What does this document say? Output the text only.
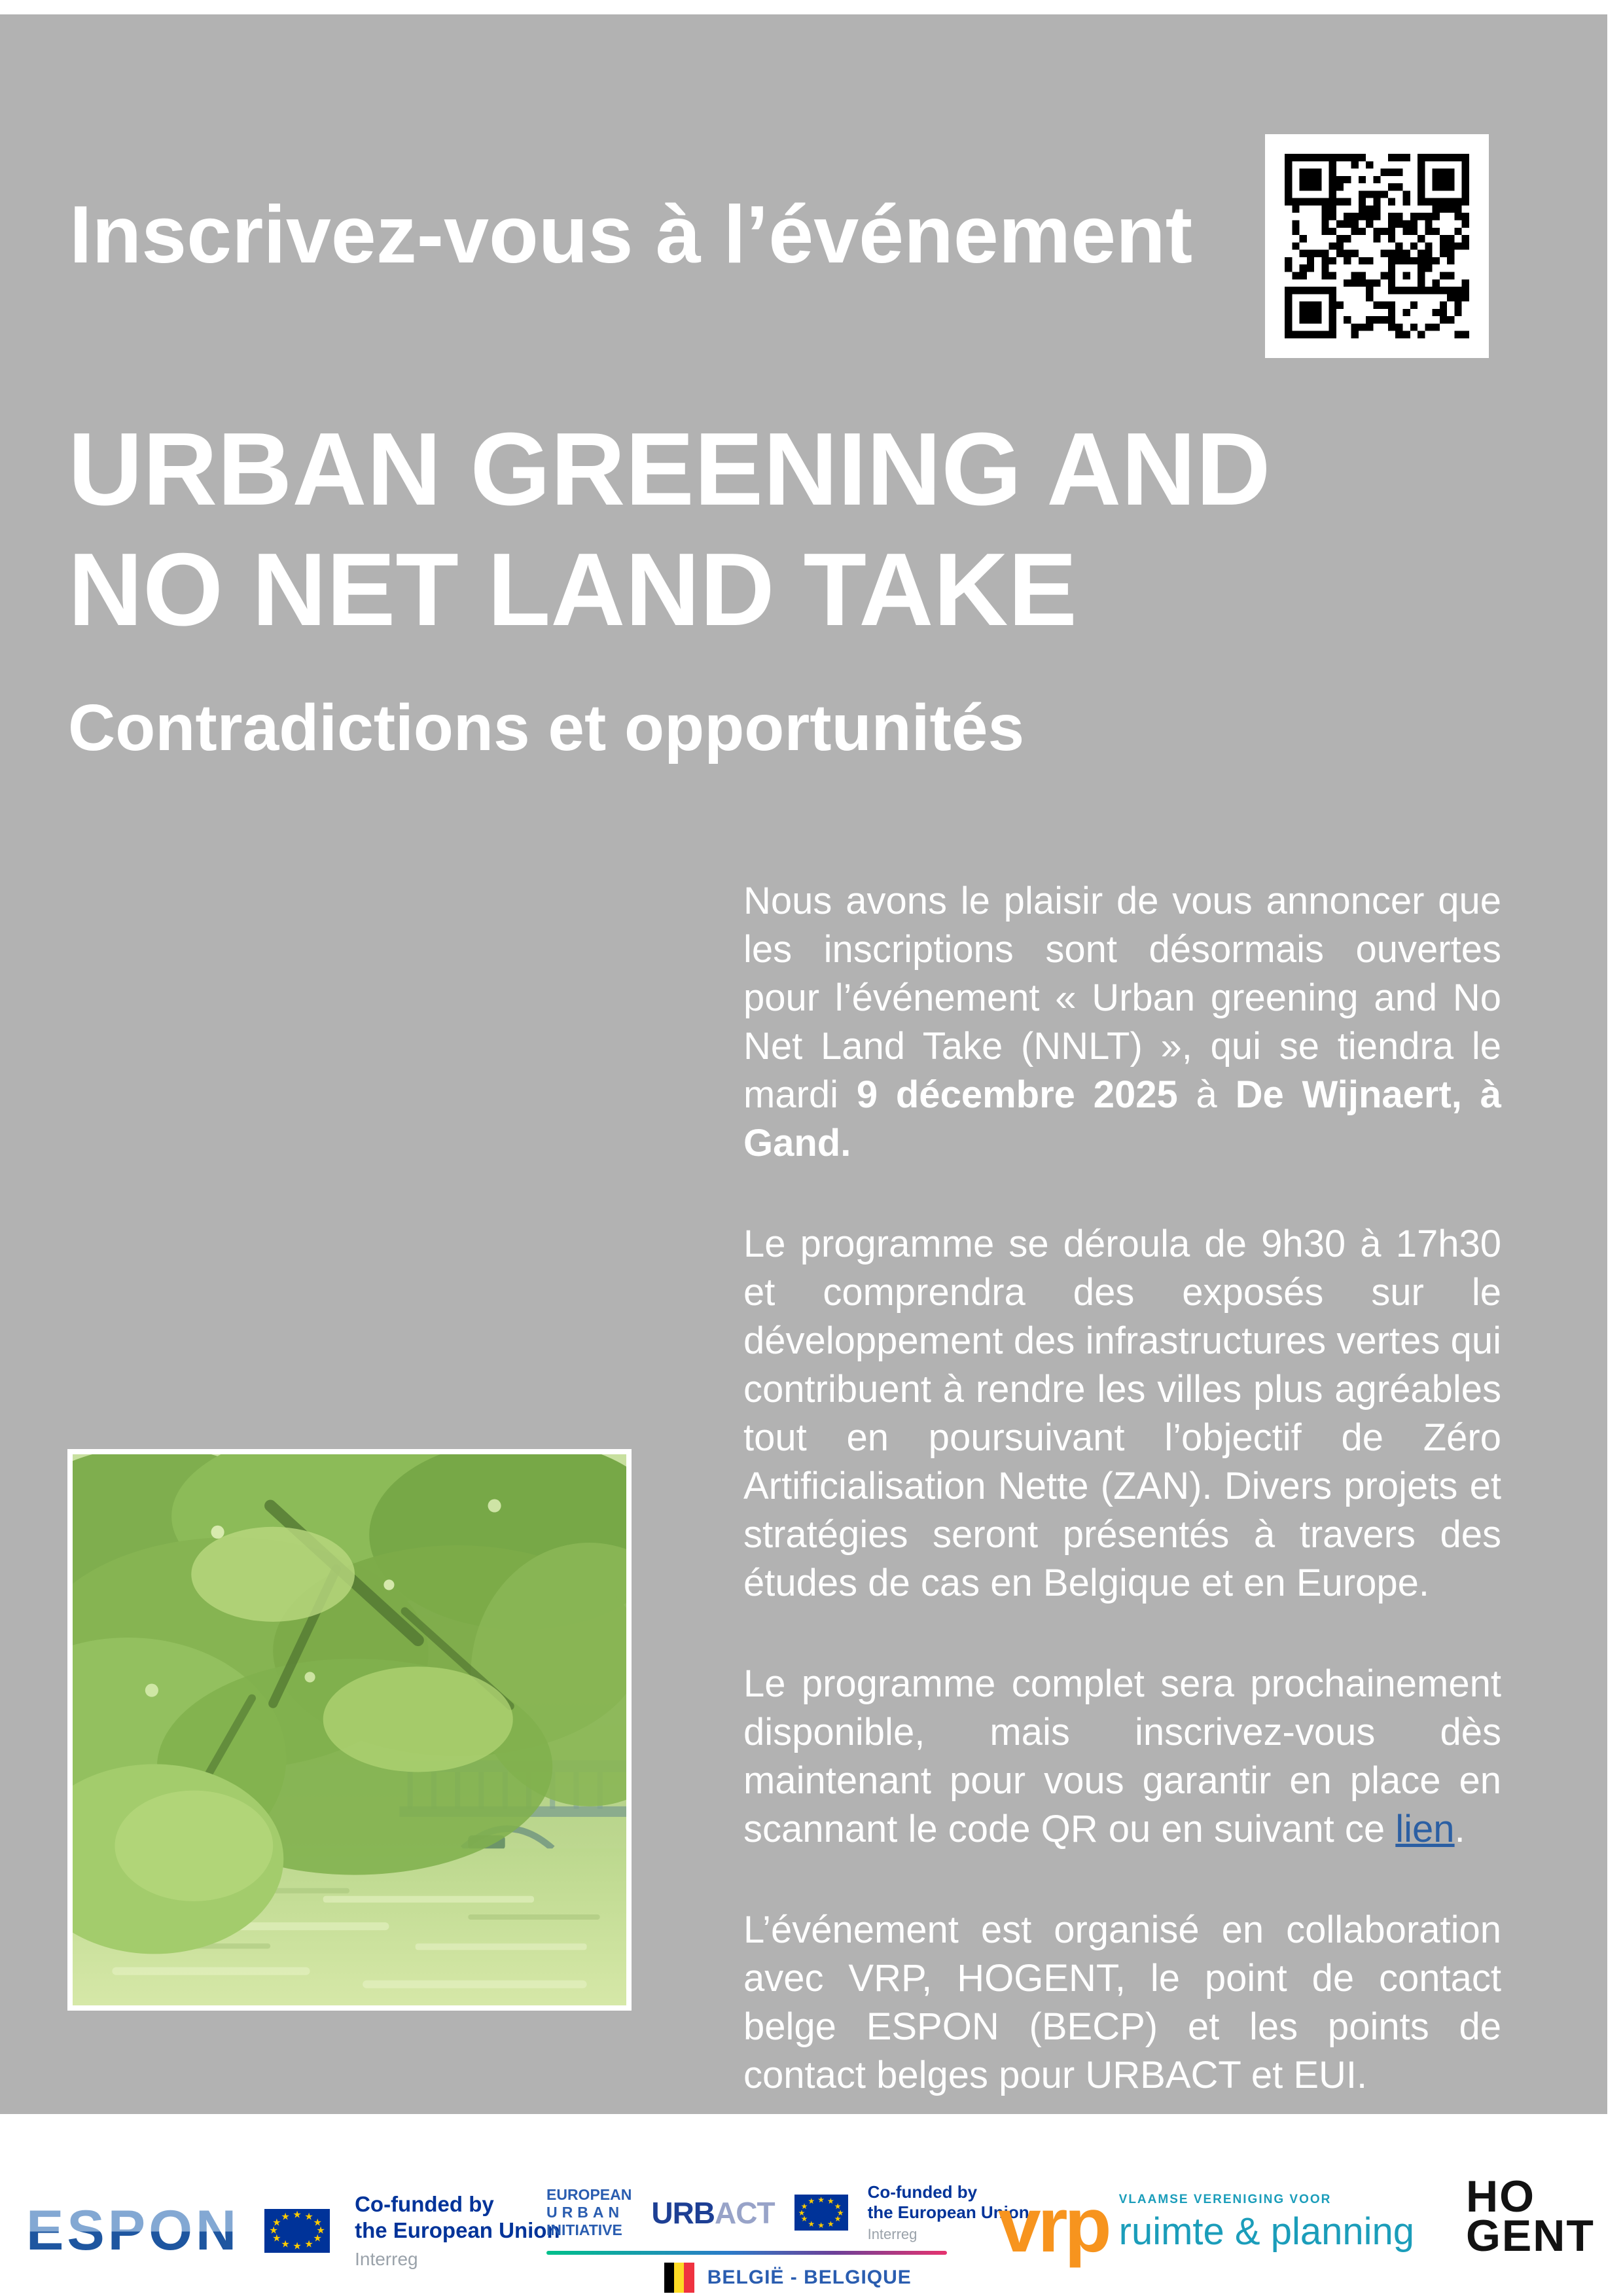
Inscrivez-vous à l’événement
URBAN GREENING AND
NO NET LAND TAKE
Contradictions et opportunités

Nous avons le plaisir de vous annoncer que les inscriptions sont désormais ouvertes pour l’événement « Urban greening and No Net Land Take (NNLT) », qui se tiendra le mardi 9 décembre 2025 à De Wijnaert, à Gand.

Le programme se déroula de 9h30 à 17h30 et comprendra des exposés sur le développement des infrastructures vertes qui contribuent à rendre les villes plus agréables tout en poursuivant l’objectif de Zéro Artificialisation Nette (ZAN). Divers projets et stratégies seront présentés à travers des études de cas en Belgique et en Europe.

Le programme complet sera prochainement disponible, mais inscrivez-vous dès maintenant pour vous garantir en place en scannant le code QR ou en suivant ce lien.

L’événement est organisé en collaboration avec VRP, HOGENT, le point de contact belge ESPON (BECP) et les points de contact belges pour URBACT et EUI.

ESPON	★ ★
★
★
★
★
★
★
★
★
★
★
Co-funded by
the European Union
Interreg
EUROPEAN
URBAN
INITIATIVE
URBACT	★ ★
★
★
★
★
★
★
★
★
★
★	Co-funded by
the European Union
Interreg
BELGIË - BELGIQUE
vrp VLAAMSE VERENIGING VOOR
ruimte & planning
HO
GENT
